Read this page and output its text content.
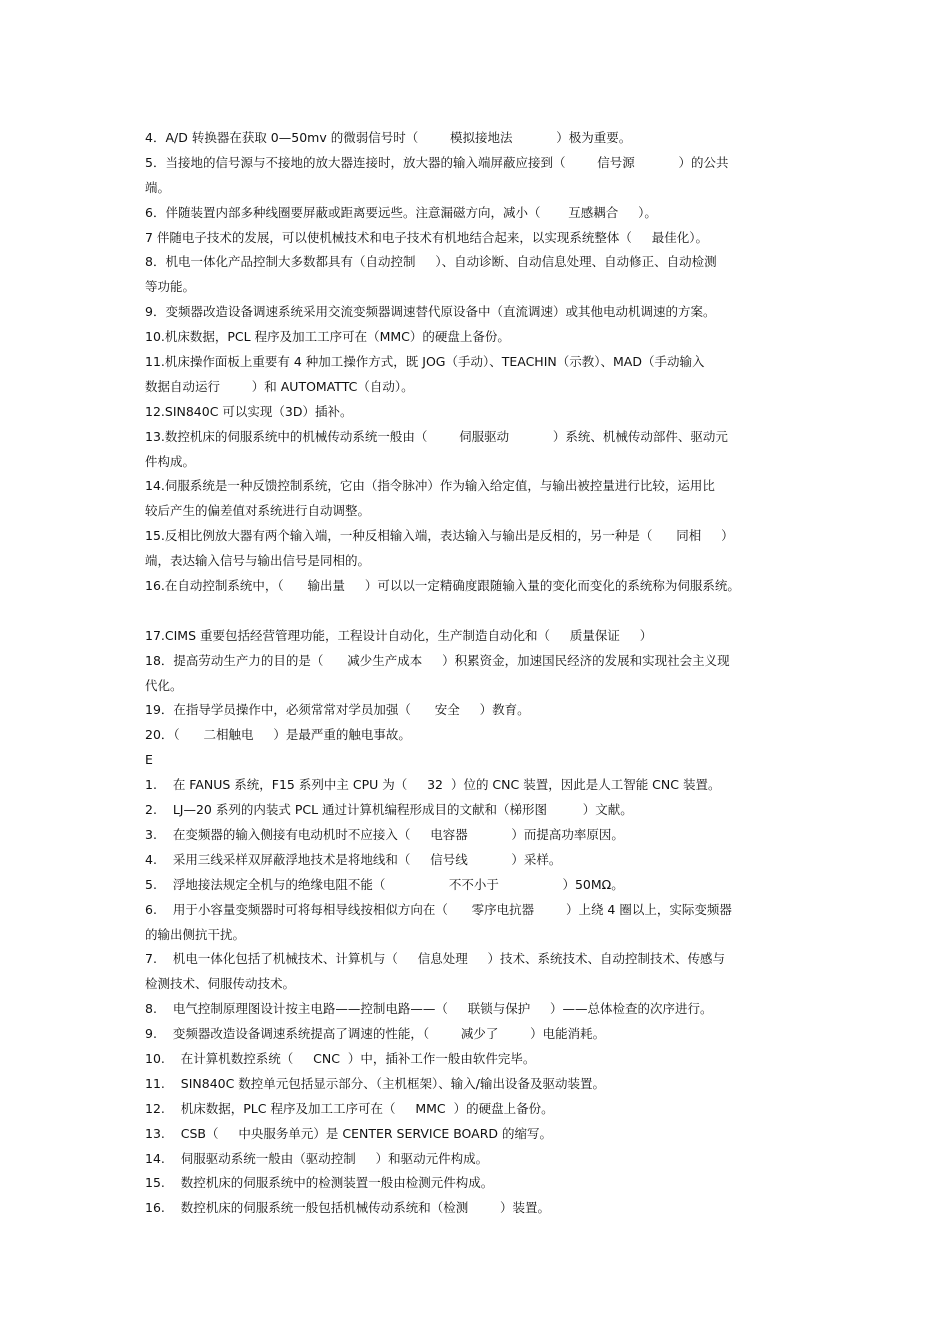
4．A/D 转换器在获取 0—50mv 的微弱信号时（        模拟接地法           ）极为重要。
5．当接地的信号源与不接地的放大器连接时，放大器的输入端屏蔽应接到（        信号源           ）的公共
端。
6．伴随装置内部多种线圈要屏蔽或距离要远些。注意漏磁方向，减小（       互感耦合     ）。
7 伴随电子技术的发展，可以使机械技术和电子技术有机地结合起来，以实现系统整体（     最佳化）。
8．机电一体化产品控制大多数都具有（自动控制     ）、自动诊断、自动信息处理、自动修正、自动检测
等功能。
9．变频器改造设备调速系统采用交流变频器调速替代原设备中（直流调速）或其他电动机调速的方案。
10.机床数据，PCL 程序及加工工序可在（MMC）的硬盘上备份。
11.机床操作面板上重要有 4 种加工操作方式，既 JOG（手动）、TEACHIN（示教）、MAD（手动输入
数据自动运行        ）和 AUTOMATTC（自动）。
12.SIN840C 可以实现（3D）插补。
13.数控机床的伺服系统中的机械传动系统一般由（        伺服驱动           ）系统、机械传动部件、驱动元
件构成。
14.伺服系统是一种反馈控制系统，它由（指令脉冲）作为输入给定值，与输出被控量进行比较，运用比
较后产生的偏差值对系统进行自动调整。
15.反相比例放大器有两个输入端，一种反相输入端，表达输入与输出是反相的，另一种是（      同相     ）
端，表达输入信号与输出信号是同相的。
16.在自动控制系统中，（      输出量     ）可以以一定精确度跟随输入量的变化而变化的系统称为伺服系统。
17.CIMS 重要包括经营管理功能，工程设计自动化，生产制造自动化和（     质量保证     ）
18．提高劳动生产力的目的是（      减少生产成本     ）积累资金，加速国民经济的发展和实现社会主义现
代化。
19．在指导学员操作中，必须常常对学员加强（      安全     ）教育。
20．（      二相触电     ）是最严重的触电事故。
E
1.    在 FANUS 系统，F15 系列中主 CPU 为（     32  ）位的 CNC 装置，因此是人工智能 CNC 装置。
2.    LJ—20 系列的内装式 PCL 通过计算机编程形成目的文献和（梯形图         ）文献。
3.    在变频器的输入侧接有电动机时不应接入（     电容器           ）而提高功率原因。
4.    采用三线采样双屏蔽浮地技术是将地线和（     信号线           ）采样。
5.    浮地接法规定全机与的绝缘电阻不能（                不不小于                ）50MΩ。
6.    用于小容量变频器时可将每相导线按相似方向在（      零序电抗器        ）上绕 4 圈以上，实际变频器
的输出侧抗干扰。
7.    机电一体化包括了机械技术、计算机与（     信息处理     ）技术、系统技术、自动控制技术、传感与
检测技术、伺服传动技术。
8.    电气控制原理图设计按主电路——控制电路——（     联锁与保护     ）——总体检查的次序进行。
9.    变频器改造设备调速系统提高了调速的性能，（        减少了        ）电能消耗。
10.    在计算机数控系统（     CNC  ）中，插补工作一般由软件完毕。
11.    SIN840C 数控单元包括显示部分、（主机框架）、输入/输出设备及驱动装置。
12.    机床数据，PLC 程序及加工工序可在（     MMC  ）的硬盘上备份。
13.    CSB（     中央服务单元）是 CENTER SERVICE BOARD 的缩写。
14.    伺服驱动系统一般由（驱动控制     ）和驱动元件构成。
15.    数控机床的伺服系统中的检测装置一般由检测元件构成。
16.    数控机床的伺服系统一般包括机械传动系统和（检测        ）装置。
